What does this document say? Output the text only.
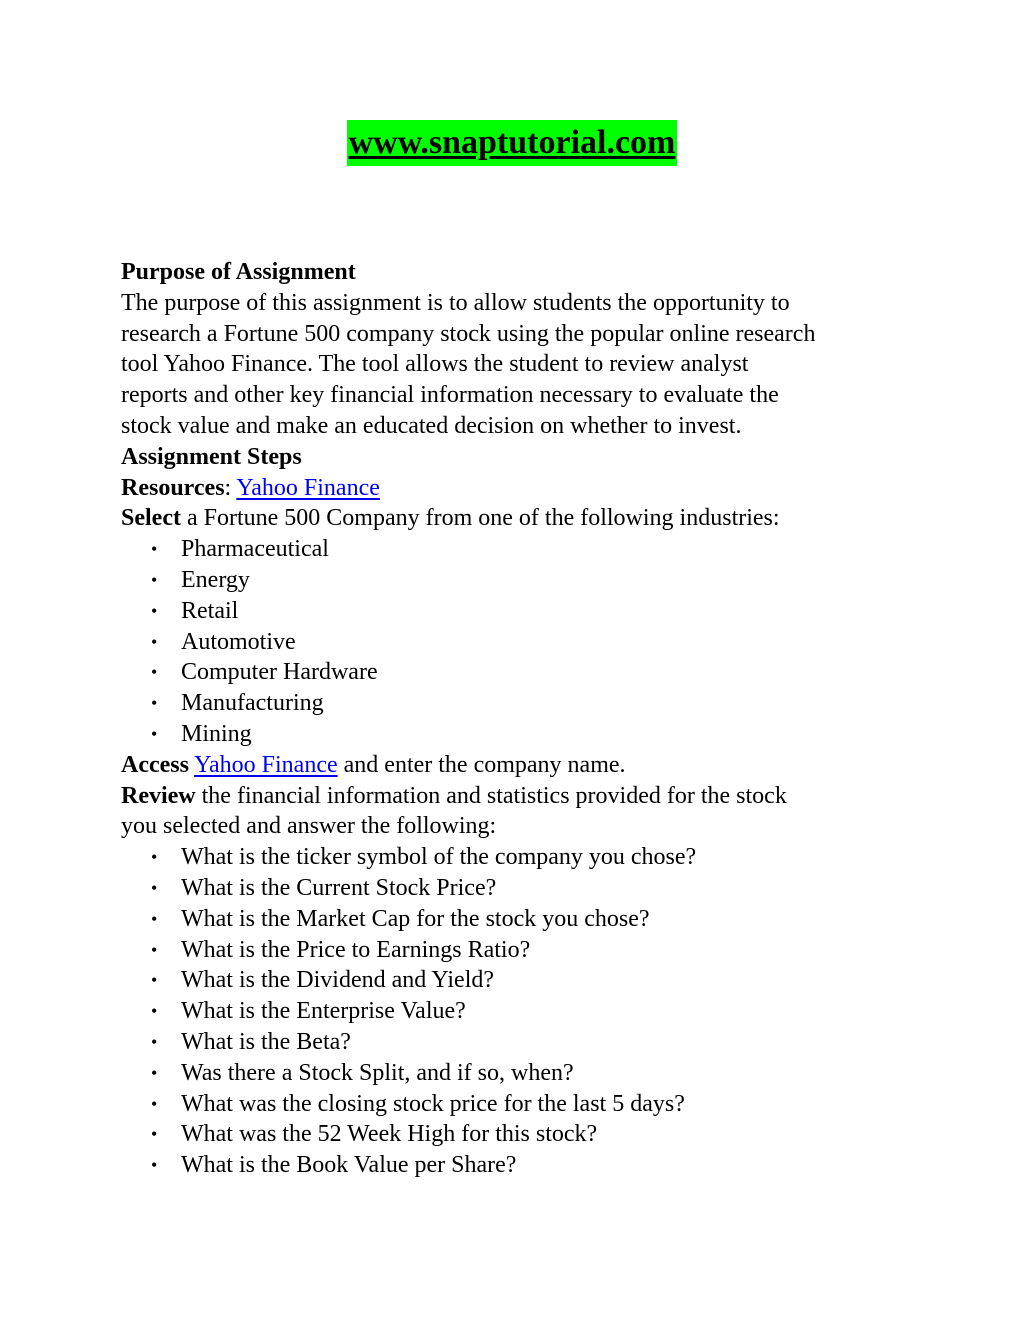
www.snaptutorial.com

Purpose of Assignment

The purpose of this assignment is to allow students the opportunity to

research a Fortune 500 company stock using the popular online research

tool Yahoo Finance. The tool allows the student to review analyst

reports and other key financial information necessary to evaluate the

stock value and make an educated decision on whether to invest.

Assignment Steps

Resources: Yahoo Finance

Select a Fortune 500 Company from one of the following industries:

• Pharmaceutical
• Energy
• Retail
• Automotive
• Computer Hardware
• Manufacturing
• Mining

Access Yahoo Finance and enter the company name.

Review the financial information and statistics provided for the stock

you selected and answer the following:

• What is the ticker symbol of the company you chose?
• What is the Current Stock Price?
• What is the Market Cap for the stock you chose?
• What is the Price to Earnings Ratio?
• What is the Dividend and Yield?
• What is the Enterprise Value?
• What is the Beta?
• Was there a Stock Split, and if so, when?
• What was the closing stock price for the last 5 days?
• What was the 52 Week High for this stock?
• What is the Book Value per Share?
